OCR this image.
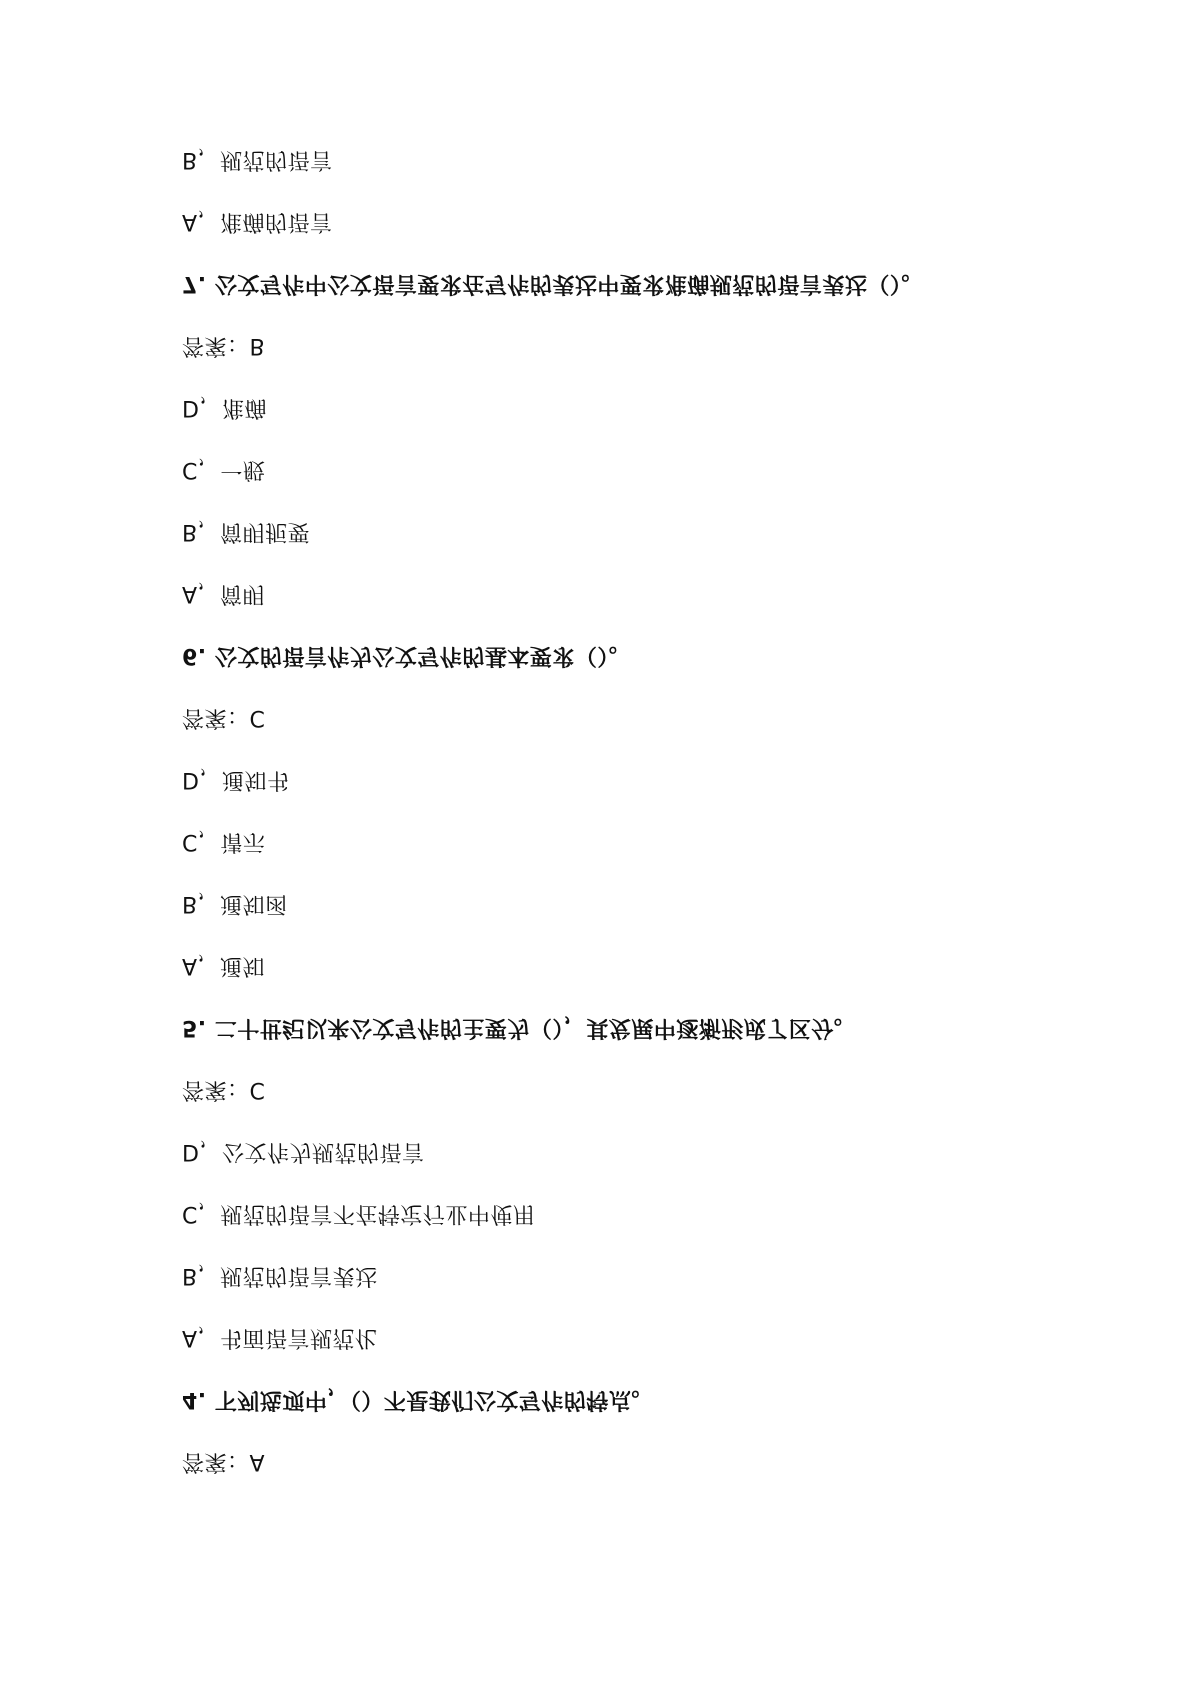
答案：A
4. 下列选项中，（）不是我们公文写作的特点。
A，书面语言规范化
B，规范的语言表达
C，规范的语言不在特定行业中使用
D，公文作为规范的语言
答案：C
5. 二十世纪以来公文写作的主要为（），其发展中逐渐形成了区分。
A，通知
B，通知函
C，请示
D，通知书
答案：C
6. 公文的语言作为公文写作的基本要求（）。
A，简明
B，简明扼要
C，一般
D，准确
答案：B
7. 公文写作中公文语言要求在写作的表达中要求准确规范的语言表达（）。
A，准确的语言
B，规范的语言
